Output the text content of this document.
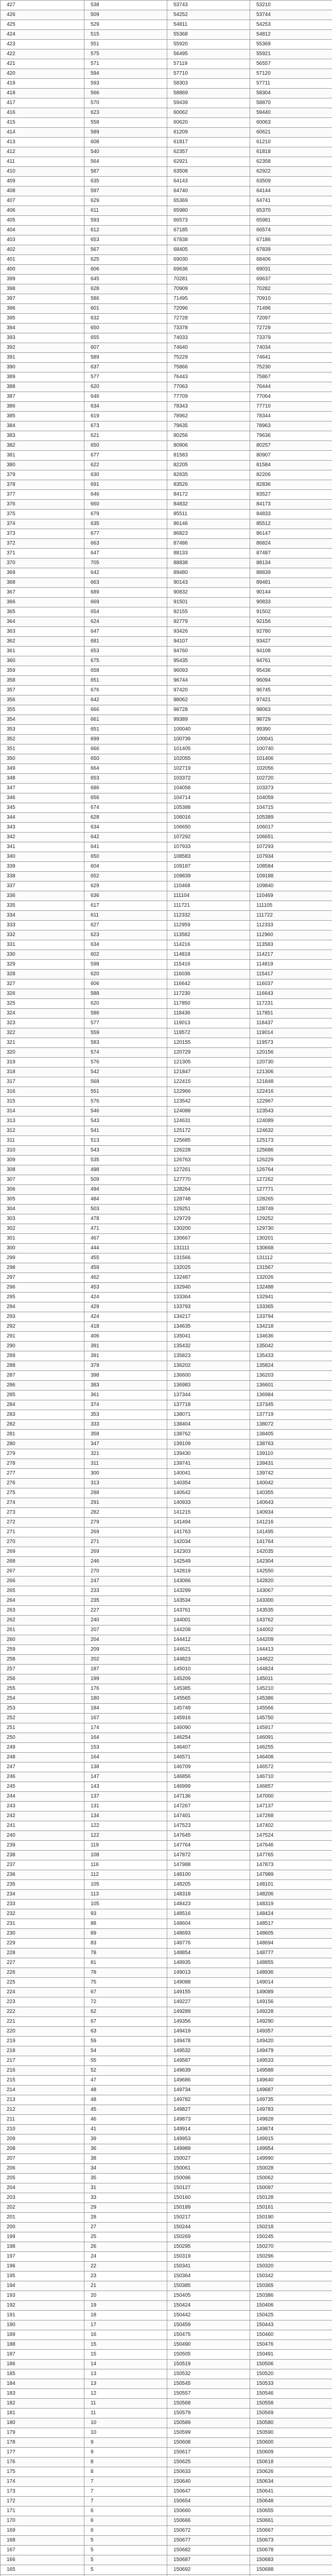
427	538	53743	53210
426	509	54252	53744
425	529	54811	54253
424	515	55368	54812
423	551	55920	55369
422	575	56495	55921
421	571	57119	56557
420	594	57710	57120
419	593	58303	57711
418	566	58869	58304
417	570	59439	58870
416	623	60062	59440
415	558	60620	60063
414	589	61209	60621
413	608	61817	61210
412	540	62357	61818
411	564	62921	62358
410	587	63508	62922
409	635	64143	63509
408	597	64740	64144
407	629	65369	64741
406	611	65980	65370
405	593	66573	65981
404	612	67185	66574
403	653	67838	67186
402	567	68405	67839
401	625	69030	68406
400	606	69636	69031
399	645	70281	69637
398	628	70909	70282
397	586	71495	70910
396	601	72096	71496
395	632	72728	72097
394	650	73378	72729
393	655	74033	73379
392	607	74640	74034
391	589	75229	74641
390	637	75866	75230
389	577	76443	75867
388	620	77063	76444
387	646	77709	77064
386	634	78343	77710
385	619	78962	78344
384	673	79635	78963
383	621	80256	79636
382	650	80906	80257
381	677	81583	80907
380	622	82205	81584
379	630	82835	82206
378	691	83526	82836
377	646	84172	83527
376	660	84832	84173
375	679	85511	84833
374	635	86146	85512
373	677	86823	86147
372	663	87486	86824
371	647	88133	87487
370	705	88838	88134
369	642	89480	88839
368	663	90143	89481
367	689	90832	90144
366	669	91501	90833
365	654	92155	91502
364	624	92779	92156
363	647	93426	92780
362	681	94107	93427
361	653	94760	94108
360	675	95435	94761
359	658	96093	95436
358	651	96744	96094
357	676	97420	96745
356	642	98062	97421
355	666	98728	98063
354	661	99389	98729
353	651	100040	99390
352	699	100739	100041
351	666	101405	100740
350	650	102055	101406
349	664	102719	102056
348	653	103372	102720
347	686	104058	103373
346	656	104714	104059
345	674	105388	104715
344	628	106016	105389
343	634	106650	106017
342	642	107292	106651
341	641	107933	107293
340	650	108583	107934
339	604	109187	108584
338	652	109839	109188
337	629	110468	109840
336	636	111104	110469
335	617	111721	111105
334	611	112332	111722
333	627	112959	112333
332	623	113582	112960
331	634	114216	113583
330	602	114818	114217
329	598	115416	114819
328	620	116036	115417
327	606	116642	116037
326	588	117230	116643
325	620	117850	117231
324	586	118436	117851
323	577	119013	118437
322	559	119572	119014
321	583	120155	119573
320	574	120729	120156
319	576	121305	120730
318	542	121847	121306
317	568	122415	121848
316	551	122966	122416
315	576	123542	122967
314	546	124088	123543
313	543	124631	124089
312	541	125172	124632
311	513	125685	125173
310	543	126228	125686
309	535	126763	126229
308	498	127261	126764
307	509	127770	127262
306	494	128264	127771
305	484	128748	128265
304	503	129251	128749
303	478	129729	129252
302	471	130200	129730
301	467	130667	130201
300	444	131111	130668
299	455	131566	131112
298	459	132025	131567
297	462	132487	132026
296	453	132940	132488
295	424	133364	132941
294	429	133793	133365
293	424	134217	133794
292	418	134635	134218
291	406	135041	134636
290	391	135432	135042
289	391	135823	135433
288	379	136202	135824
287	398	136600	136203
286	383	136983	136601
285	361	137344	136984
284	374	137718	137345
283	353	138071	137719
282	333	138404	138072
281	358	138762	138405
280	347	139109	138763
279	321	139430	139110
278	311	139741	139431
277	300	140041	139742
276	313	140354	140042
275	288	140642	140355
274	291	140933	140643
273	282	141215	140934
272	279	141494	141216
271	269	141763	141495
270	271	142034	141764
269	269	142303	142035
268	246	142549	142304
267	270	142819	142550
266	247	143066	142820
265	233	143299	143067
264	235	143534	143300
263	227	143761	143535
262	240	144001	143762
261	207	144208	144002
260	204	144412	144209
259	209	144621	144413
258	202	144823	144622
257	187	145010	144824
256	199	145209	145011
255	176	145385	145210
254	180	145565	145386
253	184	145749	145566
252	167	145916	145750
251	174	146090	145917
250	164	146254	146091
249	153	146407	146255
248	164	146571	146408
247	138	146709	146572
246	147	146856	146710
245	143	146999	146857
244	137	147136	147000
243	131	147267	147137
242	134	147401	147268
241	122	147523	147402
240	122	147645	147524
239	119	147764	147646
238	108	147872	147765
237	116	147988	147873
236	112	148100	147989
235	105	148205	148101
234	113	148318	148206
233	105	148423	148319
232	93	148516	148424
231	88	148604	148517
230	89	148693	148605
229	83	148776	148694
228	78	148854	148777
227	81	148935	148855
226	78	149013	148936
225	75	149088	149014
224	67	149155	149089
223	72	149227	149156
222	62	149289	149228
221	67	149356	149290
220	63	149419	149357
219	59	149478	149420
218	54	149532	149479
217	55	149587	149533
216	52	149639	149588
215	47	149686	149640
214	48	149734	149687
213	48	149782	149735
212	45	149827	149783
211	46	149873	149828
210	41	149914	149874
209	39	149953	149915
208	36	149989	149954
207	38	150027	149990
206	34	150061	150028
205	35	150096	150062
204	31	150127	150097
203	33	150160	150128
202	29	150189	150161
201	28	150217	150190
200	27	150244	150218
199	25	150269	150245
198	26	150295	150270
197	24	150319	150296
196	22	150341	150320
195	23	150364	150342
194	21	150385	150365
193	20	150405	150386
192	19	150424	150406
191	18	150442	150425
190	17	150459	150443
189	16	150475	150460
188	15	150490	150476
187	15	150505	150491
186	14	150519	150506
185	13	150532	150520
184	13	150545	150533
183	12	150557	150546
182	11	150568	150558
181	11	150579	150569
180	10	150589	150580
179	10	150599	150590
178	9	150608	150600
177	9	150617	150609
176	8	150625	150618
175	8	150633	150626
174	7	150640	150634
173	7	150647	150641
172	7	150654	150648
171	6	150660	150655
170	6	150666	150661
169	6	150672	150667
168	5	150677	150673
167	5	150682	150678
166	5	150687	150683
165	5	150692	150688
